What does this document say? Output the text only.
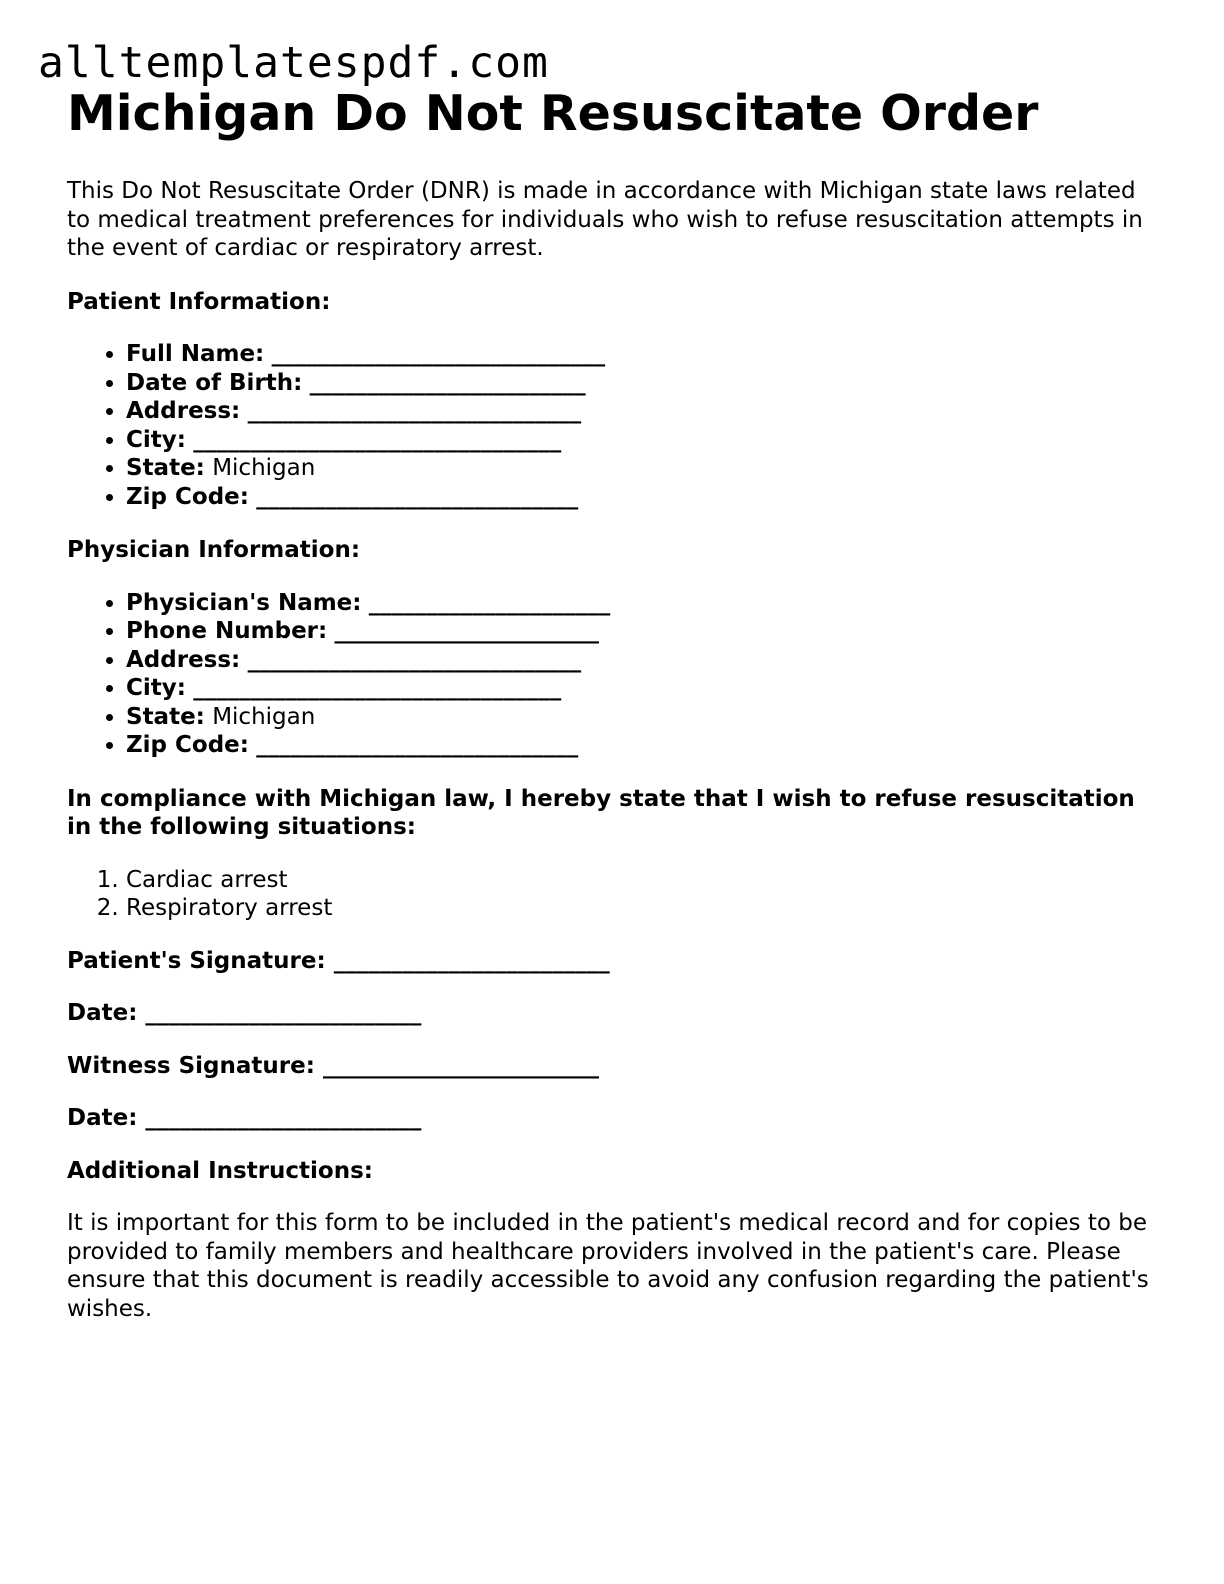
alltemplatespdf.com
Michigan Do Not Resuscitate Order

This Do Not Resuscitate Order (DNR) is made in accordance with Michigan state laws related to medical treatment preferences for individuals who wish to refuse resuscitation attempts in the event of cardiac or respiratory arrest.

Patient Information:

• Full Name: _____________________________
• Date of Birth: ________________________
• Address: _____________________________
• City: ________________________________
• State: Michigan
• Zip Code: ____________________________

Physician Information:

• Physician's Name: _____________________
• Phone Number: _______________________
• Address: _____________________________
• City: ________________________________
• State: Michigan
• Zip Code: ____________________________

In compliance with Michigan law, I hereby state that I wish to refuse resuscitation in the following situations:

1. Cardiac arrest
2. Respiratory arrest

Patient's Signature: ________________________

Date: ________________________

Witness Signature: ________________________

Date: ________________________

Additional Instructions:

It is important for this form to be included in the patient's medical record and for copies to be provided to family members and healthcare providers involved in the patient's care. Please ensure that this document is readily accessible to avoid any confusion regarding the patient's wishes.
